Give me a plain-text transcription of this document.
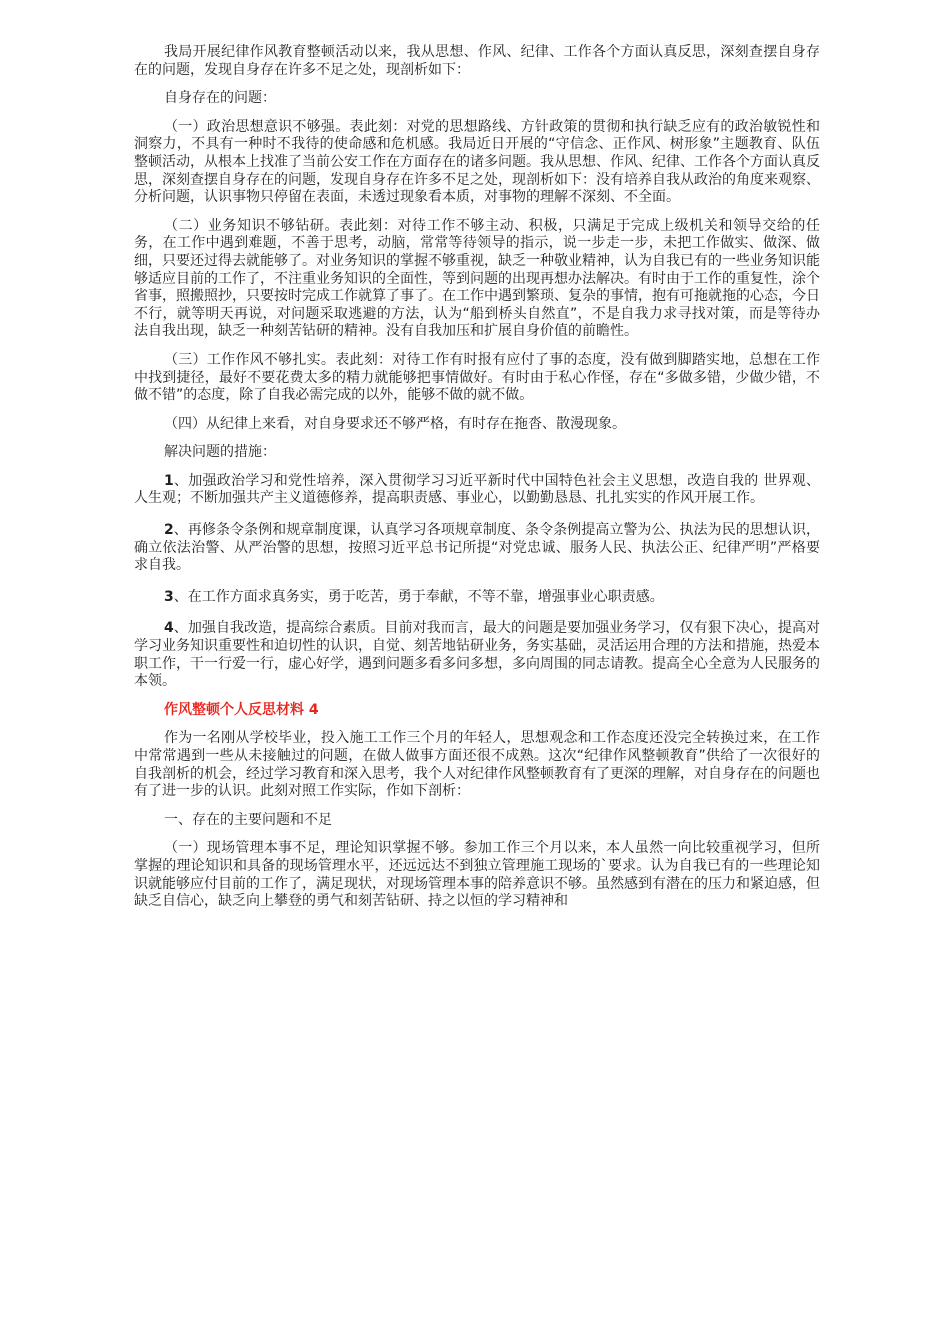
我局开展纪律作风教育整顿活动以来，我从思想、作风、纪律、工作各个方面认真反思，深刻查摆自身存在的问题，发现自身存在许多不足之处，现剖析如下：

自身存在的问题：

（一）政治思想意识不够强。表此刻：对党的思想路线、方针政策的贯彻和执行缺乏应有的政治敏锐性和洞察力，不具有一种时不我待的使命感和危机感。我局近日开展的“守信念、正作风、树形象”主题教育、队伍整顿活动，从根本上找准了当前公安工作在方面存在的诸多问题。我从思想、作风、纪律、工作各个方面认真反思，深刻查摆自身存在的问题，发现自身存在许多不足之处，现剖析如下：没有培养自我从政治的角度来观察、分析问题，认识事物只停留在表面，未透过现象看本质，对事物的理解不深刻、不全面。

（二）业务知识不够钻研。表此刻：对待工作不够主动、积极，只满足于完成上级机关和领导交给的任务，在工作中遇到难题，不善于思考，动脑，常常等待领导的指示，说一步走一步，未把工作做实、做深、做细，只要还过得去就能够了。对业务知识的掌握不够重视，缺乏一种敬业精神，认为自我已有的一些业务知识能够适应目前的工作了，不注重业务知识的全面性，等到问题的出现再想办法解决。有时由于工作的重复性，涂个省事，照搬照抄，只要按时完成工作就算了事了。在工作中遇到繁琐、复杂的事情，抱有可拖就拖的心态，今日不行，就等明天再说，对问题采取逃避的方法，认为“船到桥头自然直”，不是自我力求寻找对策，而是等待办法自我出现，缺乏一种刻苦钻研的精神。没有自我加压和扩展自身价值的前瞻性。

（三）工作作风不够扎实。表此刻：对待工作有时报有应付了事的态度，没有做到脚踏实地，总想在工作中找到捷径，最好不要花费太多的精力就能够把事情做好。有时由于私心作怪，存在“多做多错，少做少错，不做不错”的态度，除了自我必需完成的以外，能够不做的就不做。

（四）从纪律上来看，对自身要求还不够严格，有时存在拖沓、散漫现象。

解决问题的措施：

1、加强政治学习和党性培养，深入贯彻学习习近平新时代中国特色社会主义思想，改造自我的 世界观、人生观；不断加强共产主义道德修养，提高职责感、事业心，以勤勤恳恳、扎扎实实的作风开展工作。

2、再修条令条例和规章制度课，认真学习各项规章制度、条令条例提高立警为公、执法为民的思想认识，确立依法治警、从严治警的思想，按照习近平总书记所提“对党忠诚、服务人民、执法公正、纪律严明”严格要求自我。

3、在工作方面求真务实，勇于吃苦，勇于奉献，不等不靠，增强事业心职责感。

4、加强自我改造，提高综合素质。目前对我而言，最大的问题是要加强业务学习，仅有狠下决心，提高对学习业务知识重要性和迫切性的认识，自觉、刻苦地钻研业务，务实基础，灵活运用合理的方法和措施，热爱本职工作，干一行爱一行，虚心好学，遇到问题多看多问多想，多向周围的同志请教。提高全心全意为人民服务的本领。

作风整顿个人反思材料 4

作为一名刚从学校毕业，投入施工工作三个月的年轻人，思想观念和工作态度还没完全转换过来，在工作中常常遇到一些从未接触过的问题，在做人做事方面还很不成熟。这次“纪律作风整顿教育”供给了一次很好的自我剖析的机会，经过学习教育和深入思考，我个人对纪律作风整顿教育有了更深的理解，对自身存在的问题也有了进一步的认识。此刻对照工作实际，作如下剖析：

一、存在的主要问题和不足

（一）现场管理本事不足，理论知识掌握不够。参加工作三个月以来，本人虽然一向比较重视学习，但所掌握的理论知识和具备的现场管理水平，还远远达不到独立管理施工现场的`要求。认为自我已有的一些理论知识就能够应付目前的工作了，满足现状，对现场管理本事的陪养意识不够。虽然感到有潜在的压力和紧迫感，但缺乏自信心，缺乏向上攀登的勇气和刻苦钻研、持之以恒的学习精神和
